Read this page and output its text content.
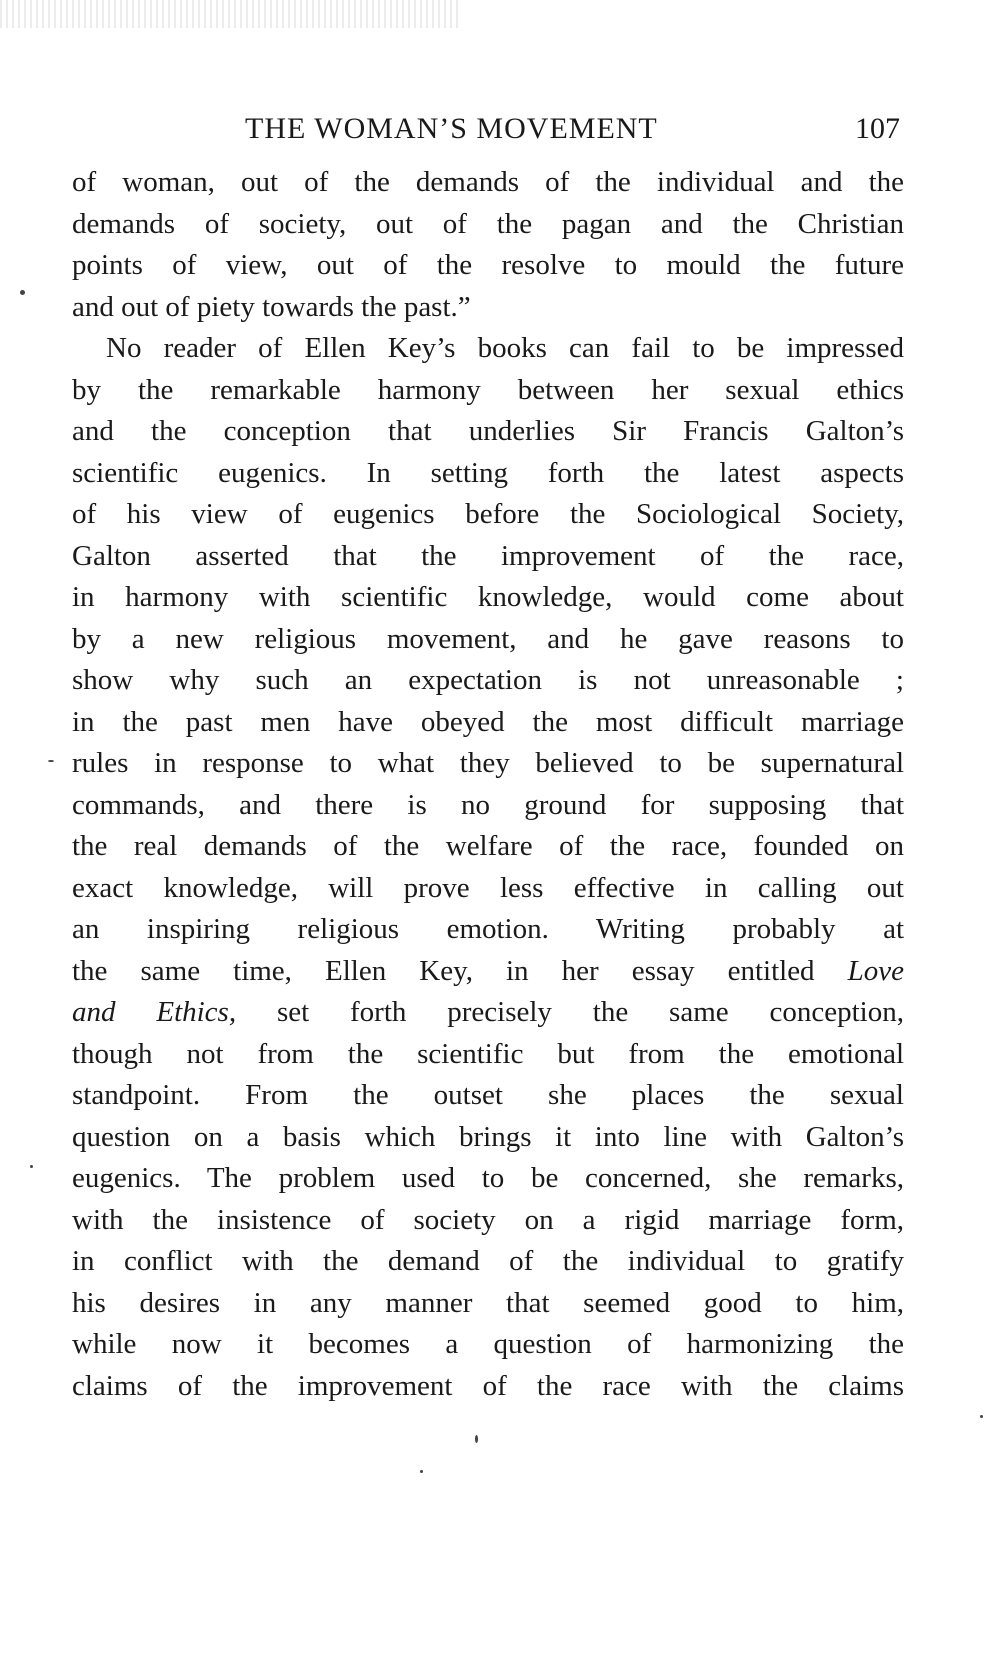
THE WOMAN’S MOVEMENT	107
of woman, out of the demands of the individual and the
demands of society, out of the pagan and the Christian
points of view, out of the resolve to mould the future
and out of piety towards the past.”
No reader of Ellen Key’s books can fail to be impressed
by the remarkable harmony between her sexual ethics
and the conception that underlies Sir Francis Galton’s
scientific eugenics. In setting forth the latest aspects
of his view of eugenics before the Sociological Society,
Galton asserted that the improvement of the race,
in harmony with scientific knowledge, would come about
by a new religious movement, and he gave reasons to
show why such an expectation is not unreasonable ;
in the past men have obeyed the most difficult marriage
rules in response to what they believed to be supernatural
commands, and there is no ground for supposing that
the real demands of the welfare of the race, founded on
exact knowledge, will prove less effective in calling out
an inspiring religious emotion. Writing probably at
the same time, Ellen Key, in her essay entitled Love
and Ethics, set forth precisely the same conception,
though not from the scientific but from the emotional
standpoint. From the outset she places the sexual
question on a basis which brings it into line with Galton’s
eugenics. The problem used to be concerned, she remarks,
with the insistence of society on a rigid marriage form,
in conflict with the demand of the individual to gratify
his desires in any manner that seemed good to him,
while now it becomes a question of harmonizing the
claims of the improvement of the race with the claims
